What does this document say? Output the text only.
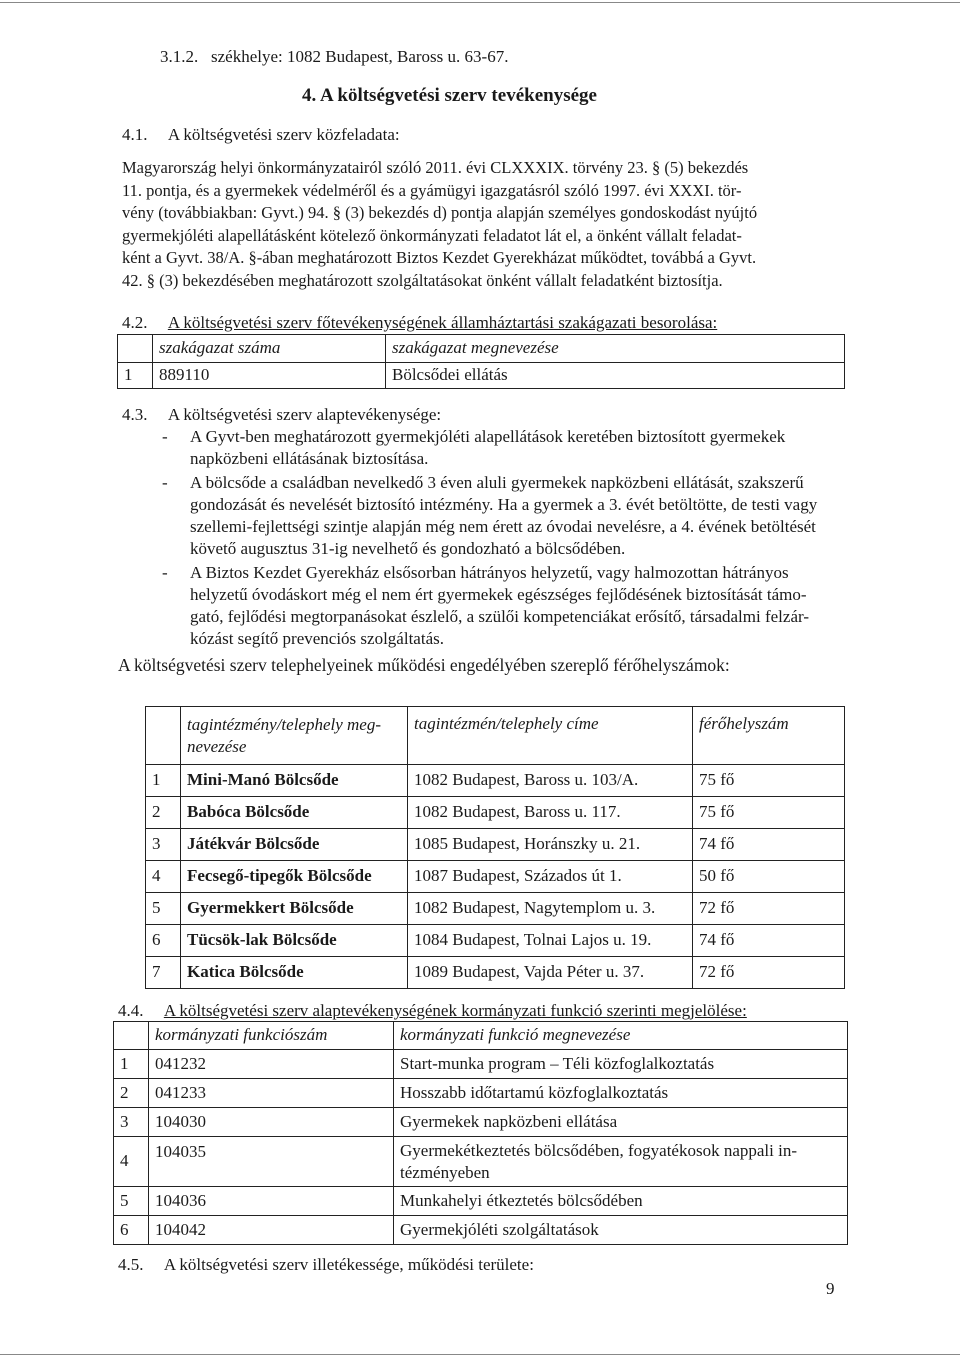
3.1.2. székhelye: 1082 Budapest, Baross u. 63-67.
4. A költségvetési szerv tevékenysége
4.1. A költségvetési szerv közfeladata:
Magyarország helyi önkormányzatairól szóló 2011. évi CLXXXIX. törvény 23. § (5) bekezdés
11. pontja, és a gyermekek védelméről és a gyámügyi igazgatásról szóló 1997. évi XXXI. tör-
vény (továbbiakban: Gyvt.) 94. § (3) bekezdés d) pontja alapján személyes gondoskodást nyújtó
gyermekjóléti alapellátásként kötelező önkormányzati feladatot lát el, a önként vállalt feladat-
ként a Gyvt. 38/A. §-ában meghatározott Biztos Kezdet Gyerekházat működtet, továbbá a Gyvt.
42. § (3) bekezdésében meghatározott szolgáltatásokat önként vállalt feladatként biztosítja.
4.2. A költségvetési szerv főtevékenységének államháztartási szakágazati besorolása:
	szakágazat száma	szakágazat megnevezése
1	889110	Bölcsődei ellátás
4.3. A költségvetési szerv alaptevékenysége:
- A Gyvt-ben meghatározott gyermekjóléti alapellátások keretében biztosított gyermekek
napközbeni ellátásának biztosítása.
- A bölcsőde a családban nevelkedő 3 éven aluli gyermekek napközbeni ellátását, szakszerű
gondozását és nevelését biztosító intézmény. Ha a gyermek a 3. évét betöltötte, de testi vagy
szellemi-fejlettségi szintje alapján még nem érett az óvodai nevelésre, a 4. évének betöltését
követő augusztus 31-ig nevelhető és gondozható a bölcsődében.
- A Biztos Kezdet Gyerekház elsősorban hátrányos helyzetű, vagy halmozottan hátrányos
helyzetű óvodáskort még el nem ért gyermekek egészséges fejlődésének biztosítását támo-
gató, fejlődési megtorpanásokat észlelő, a szülői kompetenciákat erősítő, társadalmi felzár-
kózást segítő prevenciós szolgáltatás.
A költségvetési szerv telephelyeinek működési engedélyében szereplő férőhelyszámok:

	tagintézmény/telephely meg-
nevezése	tagintézmén/telephely címe	férőhelyszám
1	Mini-Manó Bölcsőde	1082 Budapest, Baross u. 103/A.	75 fő
2	Babóca Bölcsőde	1082 Budapest, Baross u. 117.	75 fő
3	Játékvár Bölcsőde	1085 Budapest, Horánszky u. 21.	74 fő
4	Fecsegő-tipegők Bölcsőde	1087 Budapest, Százados út 1.	50 fő
5	Gyermekkert Bölcsőde	1082 Budapest, Nagytemplom u. 3.	72 fő
6	Tücsök-lak Bölcsőde	1084 Budapest, Tolnai Lajos u. 19.	74 fő
7	Katica Bölcsőde	1089 Budapest, Vajda Péter u. 37.	72 fő
4.4. A költségvetési szerv alaptevékenységének kormányzati funkció szerinti megjelölése:
	kormányzati funkciószám	kormányzati funkció megnevezése
1	041232	Start-munka program – Téli közfoglalkoztatás
2	041233	Hosszabb időtartamú közfoglalkoztatás
3	104030	Gyermekek napközbeni ellátása
4	104035	Gyermekétkeztetés bölcsődében, fogyatékosok nappali in-
tézményeben

5	104036	Munkahelyi étkeztetés bölcsődében
6	104042	Gyermekjóléti szolgáltatások
4.5. A költségvetési szerv illetékessége, működési területe:
9
